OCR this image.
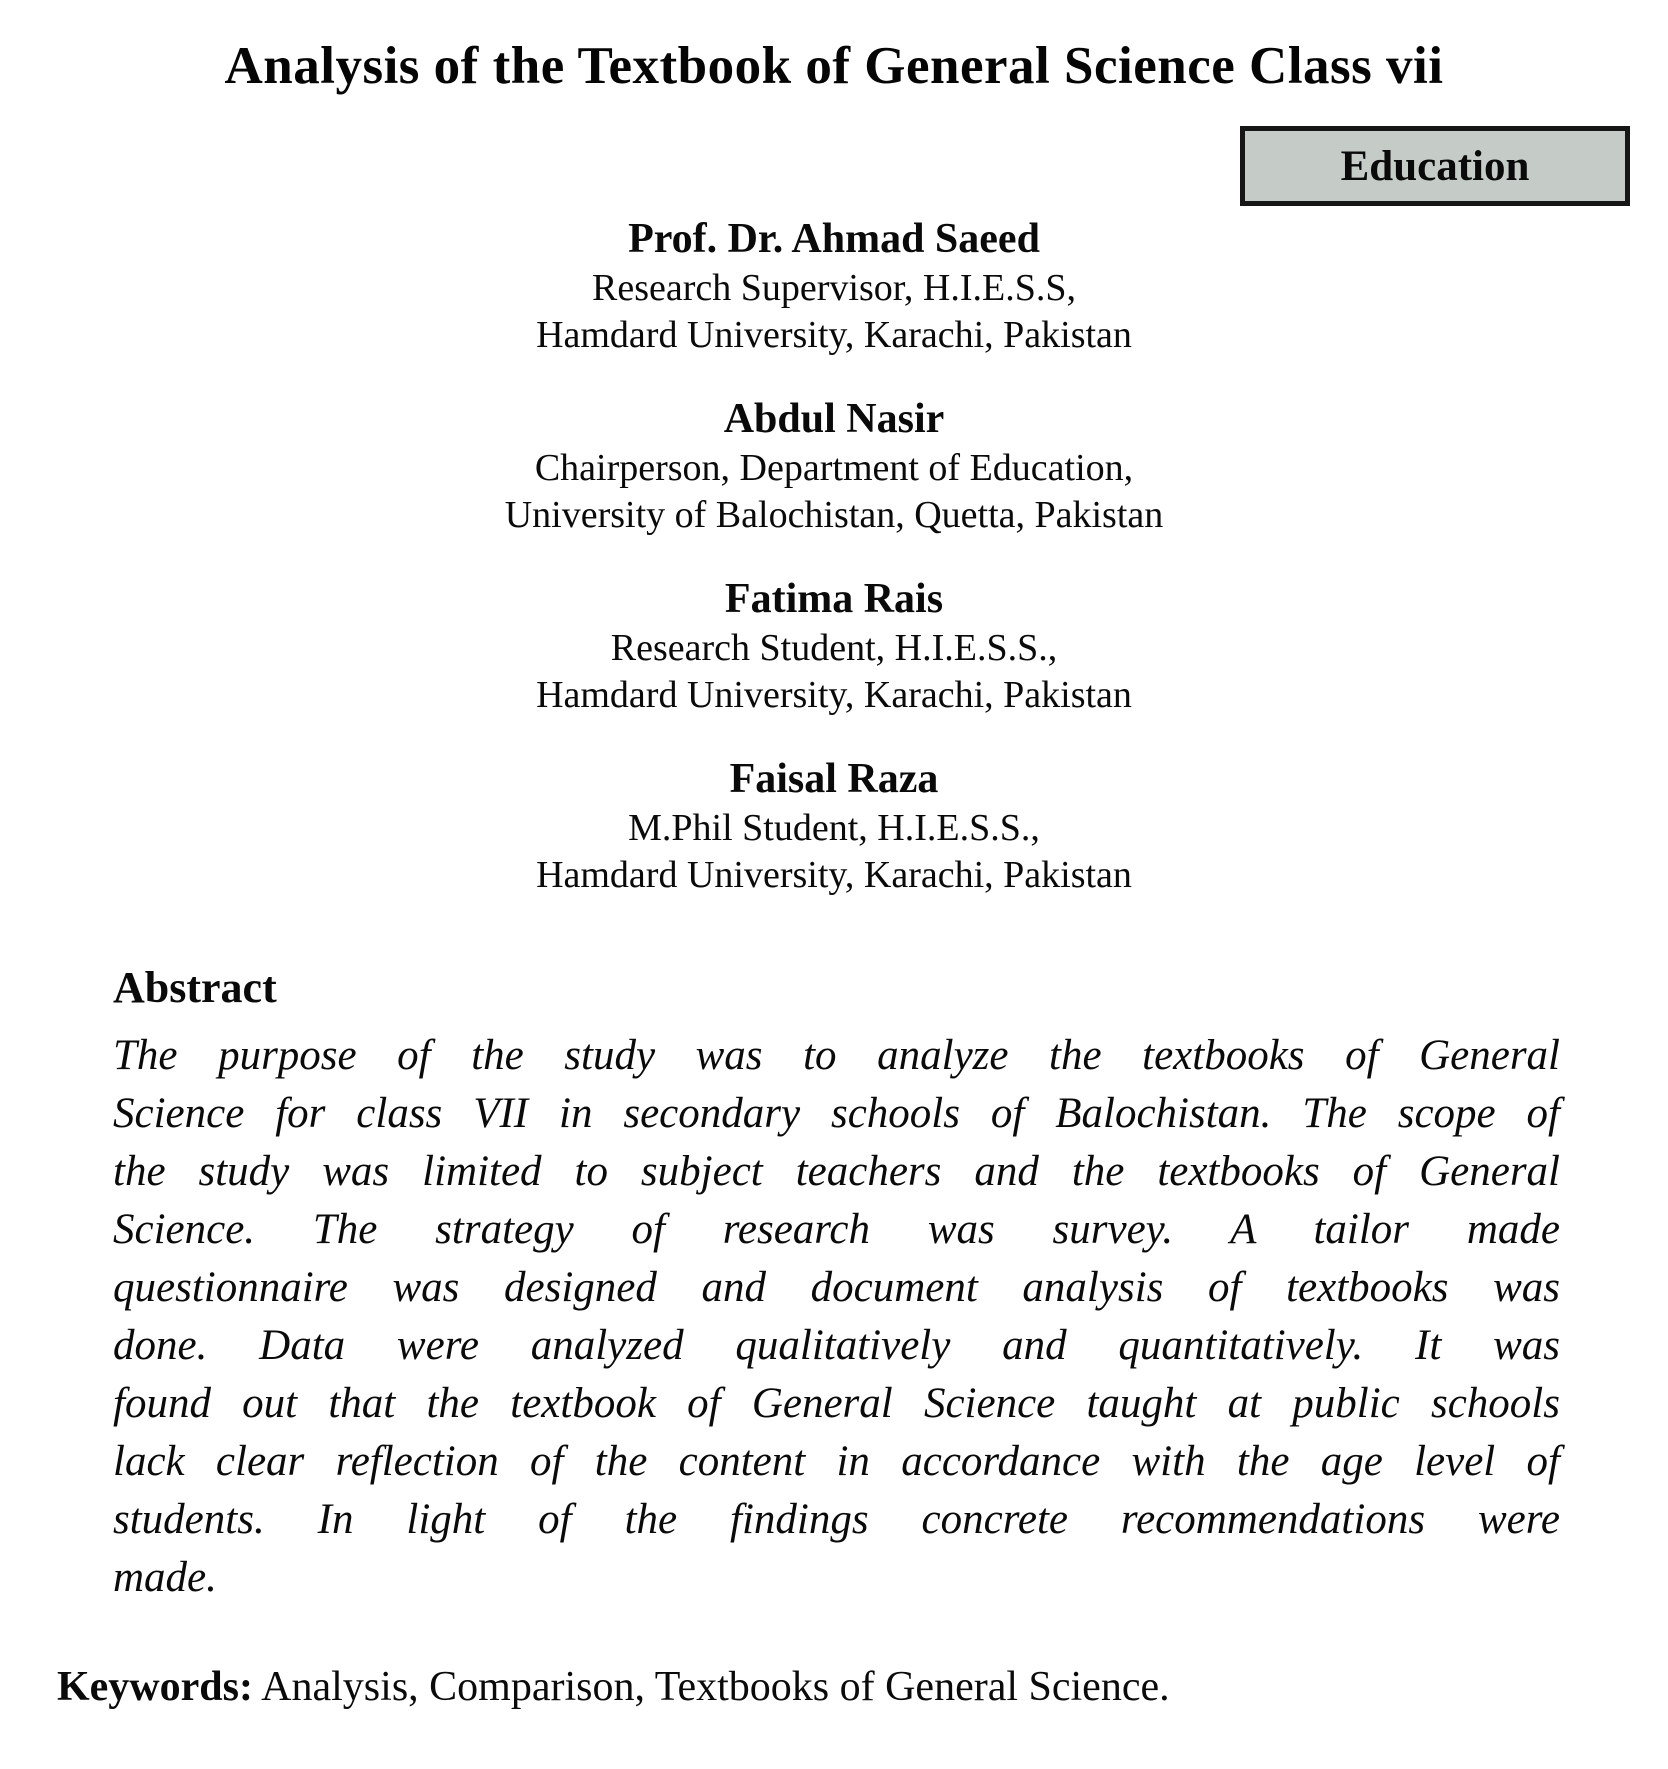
Analysis of the Textbook of General Science Class vii
Education
Prof. Dr. Ahmad Saeed
Research Supervisor, H.I.E.S.S,
Hamdard University, Karachi, Pakistan
Abdul Nasir
Chairperson, Department of Education,
University of Balochistan, Quetta, Pakistan
Fatima Rais
Research Student, H.I.E.S.S.,
Hamdard University, Karachi, Pakistan
Faisal Raza
M.Phil Student, H.I.E.S.S.,
Hamdard University, Karachi, Pakistan
Abstract
The purpose of the study was to analyze the textbooks of General
Science for class VII in secondary schools of Balochistan. The scope of
the study was limited to subject teachers and the textbooks of General
Science. The strategy of research was survey. A tailor made
questionnaire was designed and document analysis of textbooks was
done. Data were analyzed qualitatively and quantitatively. It was
found out that the textbook of General Science taught at public schools
lack clear reflection of the content in accordance with the age level of
students. In light of the findings concrete recommendations were
made.
Keywords: Analysis, Comparison, Textbooks of General Science.
